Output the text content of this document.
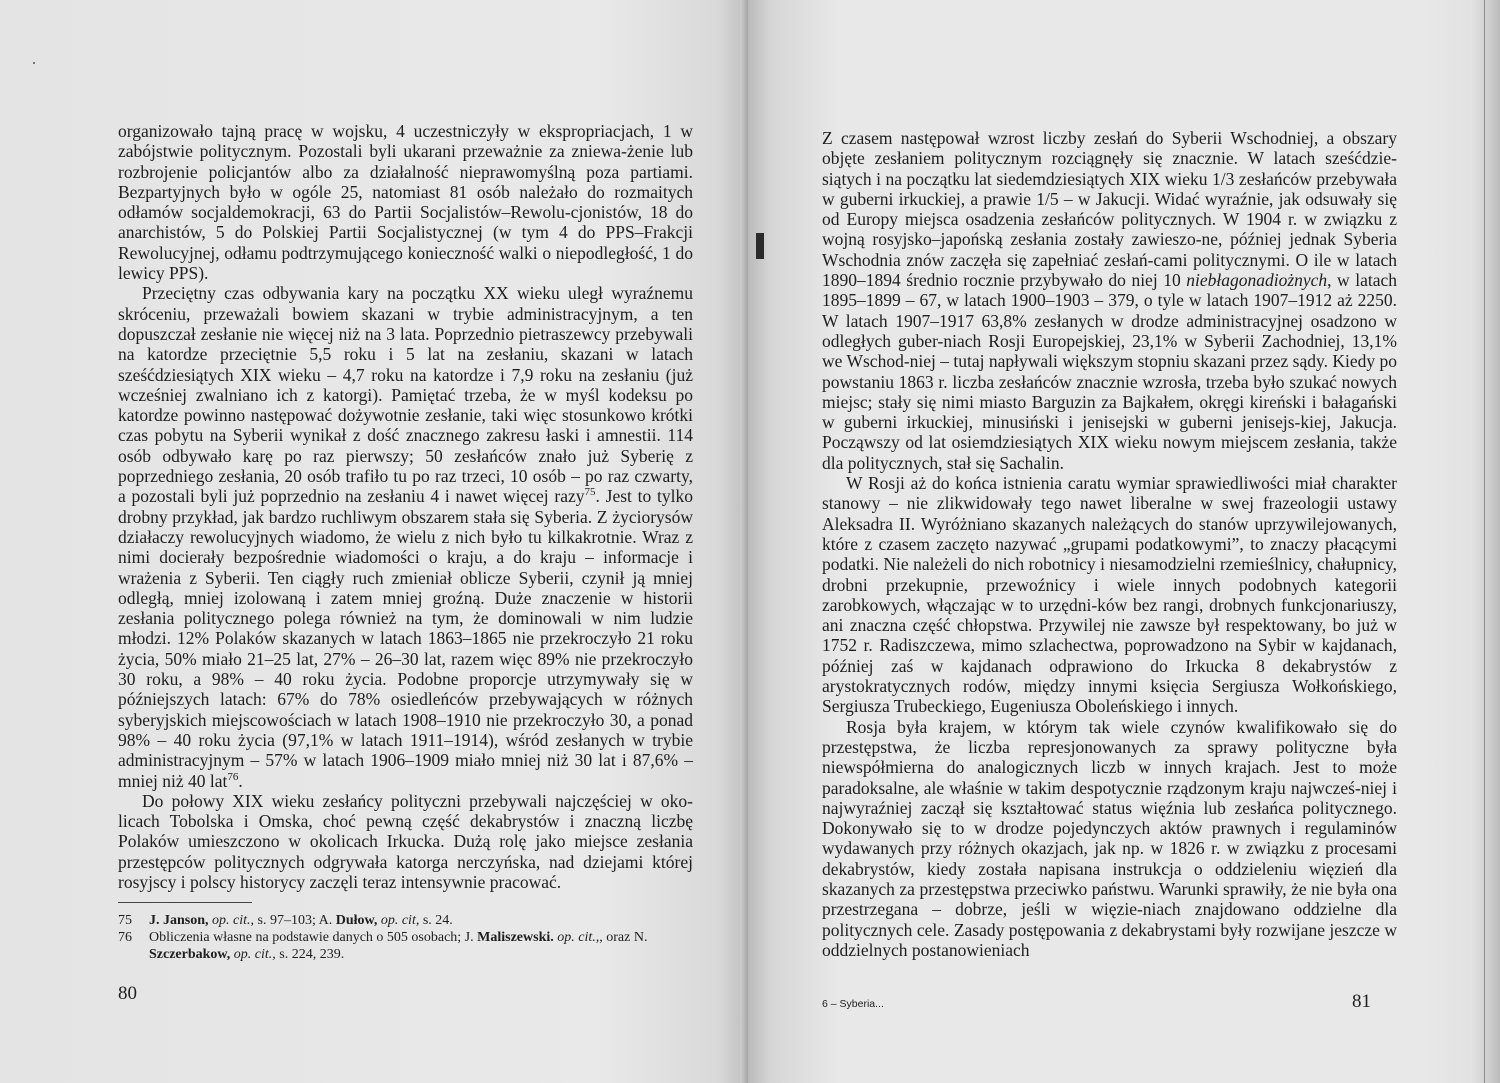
organizowało tajną pracę w wojsku, 4 uczestniczyły w ekspropriacjach, 1 w zabójstwie politycznym. Pozostali byli ukarani przeważnie za zniewa-żenie lub rozbrojenie policjantów albo za działalność nieprawomyślną poza partiami. Bezpartyjnych było w ogóle 25, natomiast 81 osób należało do rozmaitych odłamów socjaldemokracji, 63 do Partii Socjalistów–Rewolu-cjonistów, 18 do anarchistów, 5 do Polskiej Partii Socjalistycznej (w tym 4 do PPS–Frakcji Rewolucyjnej, odłamu podtrzymującego konieczność walki o niepodległość, 1 do lewicy PPS).

Przeciętny czas odbywania kary na początku XX wieku uległ wyraźnemu skróceniu, przeważali bowiem skazani w trybie administracyjnym, a ten dopuszczał zesłanie nie więcej niż na 3 lata. Poprzednio pietraszewcy przebywali na katordze przeciętnie 5,5 roku i 5 lat na zesłaniu, skazani w latach sześćdziesiątych XIX wieku – 4,7 roku na katordze i 7,9 roku na zesłaniu (już wcześniej zwalniano ich z katorgi). Pamiętać trzeba, że w myśl kodeksu po katordze powinno następować dożywotnie zesłanie, taki więc stosunkowo krótki czas pobytu na Syberii wynikał z dość znacznego zakresu łaski i amnestii. 114 osób odbywało karę po raz pierwszy; 50 zesłańców znało już Syberię z poprzedniego zesłania, 20 osób trafiło tu po raz trzeci, 10 osób – po raz czwarty, a pozostali byli już poprzednio na zesłaniu 4 i nawet więcej razy$^{75}$. Jest to tylko drobny przykład, jak bardzo ruchliwym obszarem stała się Syberia. Z życiorysów działaczy rewolucyjnych wiadomo, że wielu z nich było tu kilkakrotnie. Wraz z nimi docierały bezpośrednie wiadomości o kraju, a do kraju – informacje i wrażenia z Syberii. Ten ciągły ruch zmieniał oblicze Syberii, czynił ją mniej odległą, mniej izolowaną i zatem mniej groźną. Duże znaczenie w historii zesłania politycznego polega również na tym, że dominowali w nim ludzie młodzi. 12% Polaków skazanych w latach 1863–1865 nie przekroczyło 21 roku życia, 50% miało 21–25 lat, 27% – 26–30 lat, razem więc 89% nie przekroczyło 30 roku, a 98% – 40 roku życia. Podobne proporcje utrzymywały się w późniejszych latach: 67% do 78% osiedleńców przebywających w różnych syberyjskich miejscowościach w latach 1908–1910 nie przekroczyło 30, a ponad 98% – 40 roku życia (97,1% w latach 1911–1914), wśród zesłanych w trybie administracyjnym – 57% w latach 1906–1909 miało mniej niż 30 lat i 87,6% – mniej niż 40 lat$^{76}$.

Do połowy XIX wieku zesłańcy polityczni przebywali najczęściej w oko-licach Tobolska i Omska, choć pewną część dekabrystów i znaczną liczbę Polaków umieszczono w okolicach Irkucka. Dużą rolę jako miejsce zesłania przestępców politycznych odgrywała katorga nerczyńska, nad dziejami której rosyjscy i polscy historycy zaczęli teraz intensywnie pracować.

75	J. Janson, op. cit., s. 97–103; A. Dułow, op. cit, s. 24.
76	Obliczenia własne na podstawie danych o 505 osobach; J. Maliszewski. op. cit.,, oraz N. Szczerbakow, op. cit., s. 224, 239.
80

Z czasem następował wzrost liczby zesłań do Syberii Wschodniej, a obszary objęte zesłaniem politycznym rozciągnęły się znacznie. W latach sześćdzie-siątych i na początku lat siedemdziesiątych XIX wieku 1/3 zesłańców przebywała w guberni irkuckiej, a prawie 1/5 – w Jakucji. Widać wyraźnie, jak odsuwały się od Europy miejsca osadzenia zesłańców politycznych. W 1904 r. w związku z wojną rosyjsko–japońską zesłania zostały zawieszo-ne, później jednak Syberia Wschodnia znów zaczęła się zapełniać zesłań-cami politycznymi. O ile w latach 1890–1894 średnio rocznie przybywało do niej 10 niebłagonadiożnych, w latach 1895–1899 – 67, w latach 1900–1903 – 379, o tyle w latach 1907–1912 aż 2250. W latach 1907–1917 63,8% zesłanych w drodze administracyjnej osadzono w odległych guber-niach Rosji Europejskiej, 23,1% w Syberii Zachodniej, 13,1% we Wschod-niej – tutaj napływali większym stopniu skazani przez sądy. Kiedy po powstaniu 1863 r. liczba zesłańców znacznie wzrosła, trzeba było szukać nowych miejsc; stały się nimi miasto Barguzin za Bajkałem, okręgi kireński i bałagański w guberni irkuckiej, minusiński i jenisejski w guberni jenisejs-kiej, Jakucja. Począwszy od lat osiemdziesiątych XIX wieku nowym miejscem zesłania, także dla politycznych, stał się Sachalin.

W Rosji aż do końca istnienia caratu wymiar sprawiedliwości miał charakter stanowy – nie zlikwidowały tego nawet liberalne w swej frazeologii ustawy Aleksadra II. Wyróżniano skazanych należących do stanów uprzywilejowanych, które z czasem zaczęto nazywać „grupami podatkowymi”, to znaczy płacącymi podatki. Nie należeli do nich robotnicy i niesamodzielni rzemieślnicy, chałupnicy, drobni przekupnie, przewoźnicy i wiele innych podobnych kategorii zarobkowych, włączając w to urzędni-ków bez rangi, drobnych funkcjonariuszy, ani znaczna część chłopstwa. Przywilej nie zawsze był respektowany, bo już w 1752 r. Radiszczewa, mimo szlachectwa, poprowadzono na Sybir w kajdanach, później zaś w kajdanach odprawiono do Irkucka 8 dekabrystów z arystokratycznych rodów, między innymi księcia Sergiusza Wołkońskiego, Sergiusza Trubeckiego, Eugeniusza Obolеńskiego i innych.

Rosja była krajem, w którym tak wiele czynów kwalifikowało się do przestępstwa, że liczba represjonowanych za sprawy polityczne była niewspółmierna do analogicznych liczb w innych krajach. Jest to może paradoksalne, ale właśnie w takim despotycznie rządzonym kraju najwcześ-niej i najwyraźniej zaczął się kształtować status więźnia lub zesłańca politycznego. Dokonywało się to w drodze pojedynczych aktów prawnych i regulaminów wydawanych przy różnych okazjach, jak np. w 1826 r. w związku z procesami dekabrystów, kiedy została napisana instrukcja o oddzieleniu więzień dla skazanych za przestępstwa przeciwko państwu. Warunki sprawiły, że nie była ona przestrzegana – dobrze, jeśli w więzie-niach znajdowano oddzielne dla politycznych cele. Zasady postępowania z dekabrystami były rozwijane jeszcze w oddzielnych postanowieniach

6 – Syberia...	81
